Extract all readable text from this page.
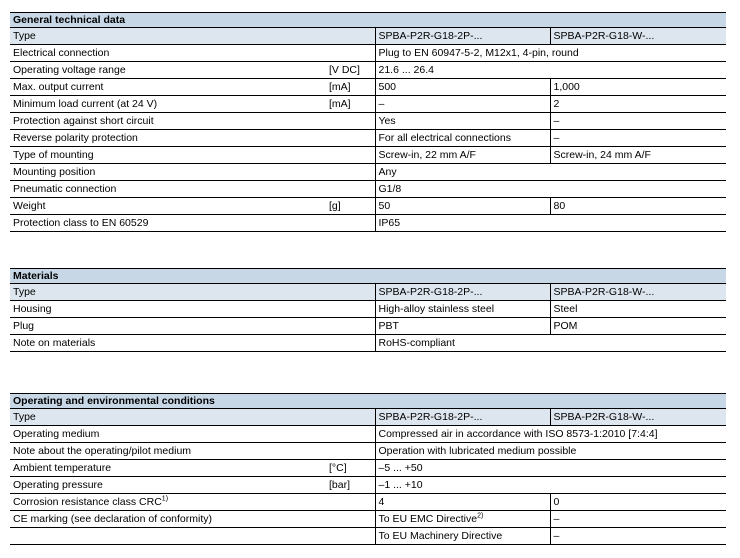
General technical data			
Type		SPBA-P2R-G18-2P-...	SPBA-P2R-G18-W-...
Electrical connection		Plug to EN 60947-5-2, M12x1, 4-pin, round	
Operating voltage range	[V DC]	21.6 ... 26.4	
Max. output current	[mA]	500	1,000
Minimum load current (at 24 V)	[mA]	–	2
Protection against short circuit		Yes	–
Reverse polarity protection		For all electrical connections	–
Type of mounting		Screw-in, 22 mm A/F	Screw-in, 24 mm A/F
Mounting position		Any	
Pneumatic connection		G1/8	
Weight	[g]	50	80
Protection class to EN 60529		IP65	
Materials			
Type		SPBA-P2R-G18-2P-...	SPBA-P2R-G18-W-...
Housing		High-alloy stainless steel	Steel
Plug		PBT	POM
Note on materials		RoHS-compliant	
Operating and environmental conditions			
Type		SPBA-P2R-G18-2P-...	SPBA-P2R-G18-W-...
Operating medium		Compressed air in accordance with ISO 8573-1:2010 [7:4:4]	
Note about the operating/pilot medium		Operation with lubricated medium possible	
Ambient temperature	[°C]	–5 ... +50	
Operating pressure	[bar]	–1 ... +10	
Corrosion resistance class CRC$^{1)}$		4	0
CE marking (see declaration of conformity)		To EU EMC Directive$^{2)}$	–
		To EU Machinery Directive	–
